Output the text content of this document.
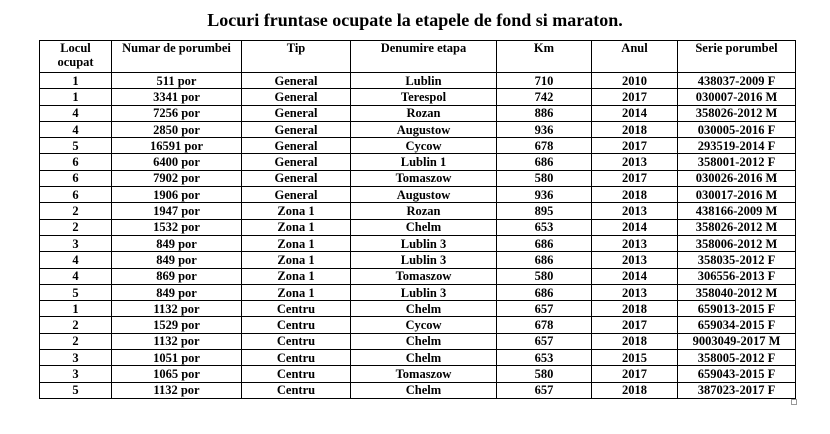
Locuri fruntase ocupate la etapele de fond si maraton.
Locul ocupat	Numar de porumbei	Tip	Denumire etapa	Km	Anul	Serie porumbel
1	511 por	General	Lublin	710	2010	438037-2009 F
1	3341 por	General	Terespol	742	2017	030007-2016 M
4	7256 por	General	Rozan	886	2014	358026-2012 M
4	2850 por	General	Augustow	936	2018	030005-2016 F
5	16591 por	General	Cycow	678	2017	293519-2014 F
6	6400 por	General	Lublin 1	686	2013	358001-2012 F
6	7902 por	General	Tomaszow	580	2017	030026-2016 M
6	1906 por	General	Augustow	936	2018	030017-2016 M
2	1947 por	Zona 1	Rozan	895	2013	438166-2009 M
2	1532 por	Zona 1	Chelm	653	2014	358026-2012 M
3	849 por	Zona 1	Lublin 3	686	2013	358006-2012 M
4	849 por	Zona 1	Lublin 3	686	2013	358035-2012 F
4	869 por	Zona 1	Tomaszow	580	2014	306556-2013 F
5	849 por	Zona 1	Lublin 3	686	2013	358040-2012 M
1	1132 por	Centru	Chelm	657	2018	659013-2015 F
2	1529 por	Centru	Cycow	678	2017	659034-2015 F
2	1132 por	Centru	Chelm	657	2018	9003049-2017 M
3	1051 por	Centru	Chelm	653	2015	358005-2012 F
3	1065 por	Centru	Tomaszow	580	2017	659043-2015 F
5	1132 por	Centru	Chelm	657	2018	387023-2017 F
